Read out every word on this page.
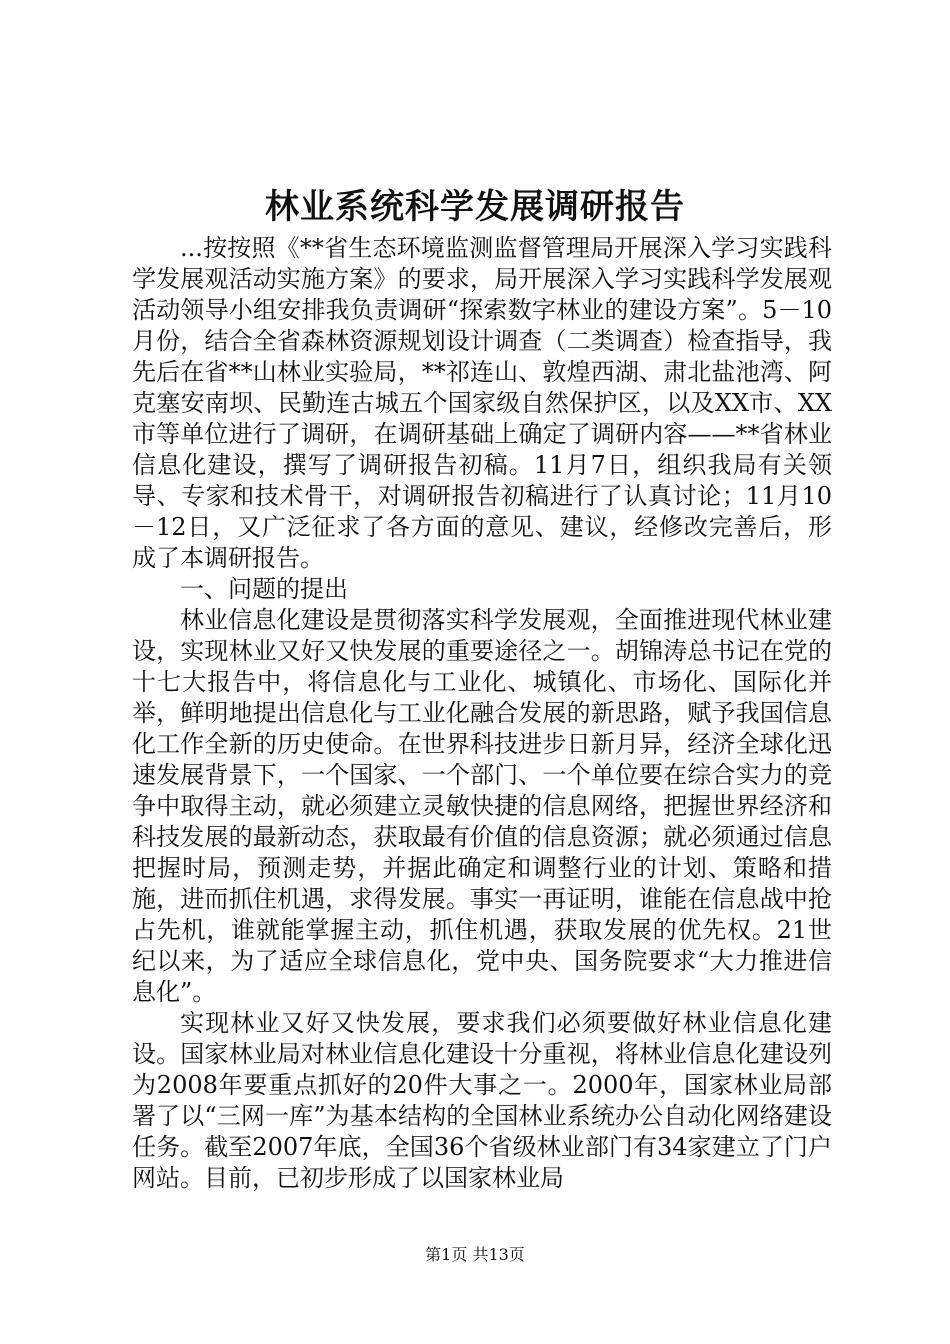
林业系统科学发展调研报告

...按按照《**省生态环境监测监督管理局开展深入学习实践科学发展观活动实施方案》的要求，局开展深入学习实践科学发展观活动领导小组安排我负责调研“探索数字林业的建设方案”。5－10月份，结合全省森林资源规划设计调查（二类调查）检查指导，我先后在省**山林业实验局，**祁连山、敦煌西湖、肃北盐池湾、阿克塞安南坝、民勤连古城五个国家级自然保护区，以及XX市、XX市等单位进行了调研，在调研基础上确定了调研内容——**省林业信息化建设，撰写了调研报告初稿。11月7日，组织我局有关领导、专家和技术骨干，对调研报告初稿进行了认真讨论；11月10－12日，又广泛征求了各方面的意见、建议，经修改完善后，形成了本调研报告。

一、问题的提出

林业信息化建设是贯彻落实科学发展观，全面推进现代林业建设，实现林业又好又快发展的重要途径之一。胡锦涛总书记在党的十七大报告中，将信息化与工业化、城镇化、市场化、国际化并举，鲜明地提出信息化与工业化融合发展的新思路，赋予我国信息化工作全新的历史使命。在世界科技进步日新月异，经济全球化迅速发展背景下，一个国家、一个部门、一个单位要在综合实力的竞争中取得主动，就必须建立灵敏快捷的信息网络，把握世界经济和科技发展的最新动态，获取最有价值的信息资源；就必须通过信息把握时局，预测走势，并据此确定和调整行业的计划、策略和措施，进而抓住机遇，求得发展。事实一再证明，谁能在信息战中抢占先机，谁就能掌握主动，抓住机遇，获取发展的优先权。21世纪以来，为了适应全球信息化，党中央、国务院要求“大力推进信息化”。

实现林业又好又快发展，要求我们必须要做好林业信息化建设。国家林业局对林业信息化建设十分重视，将林业信息化建设列为2008年要重点抓好的20件大事之一。2000年，国家林业局部署了以“三网一库”为基本结构的全国林业系统办公自动化网络建设任务。截至2007年底，全国36个省级林业部门有34家建立了门户网站。目前，已初步形成了以国家林业局

第1页 共13页
